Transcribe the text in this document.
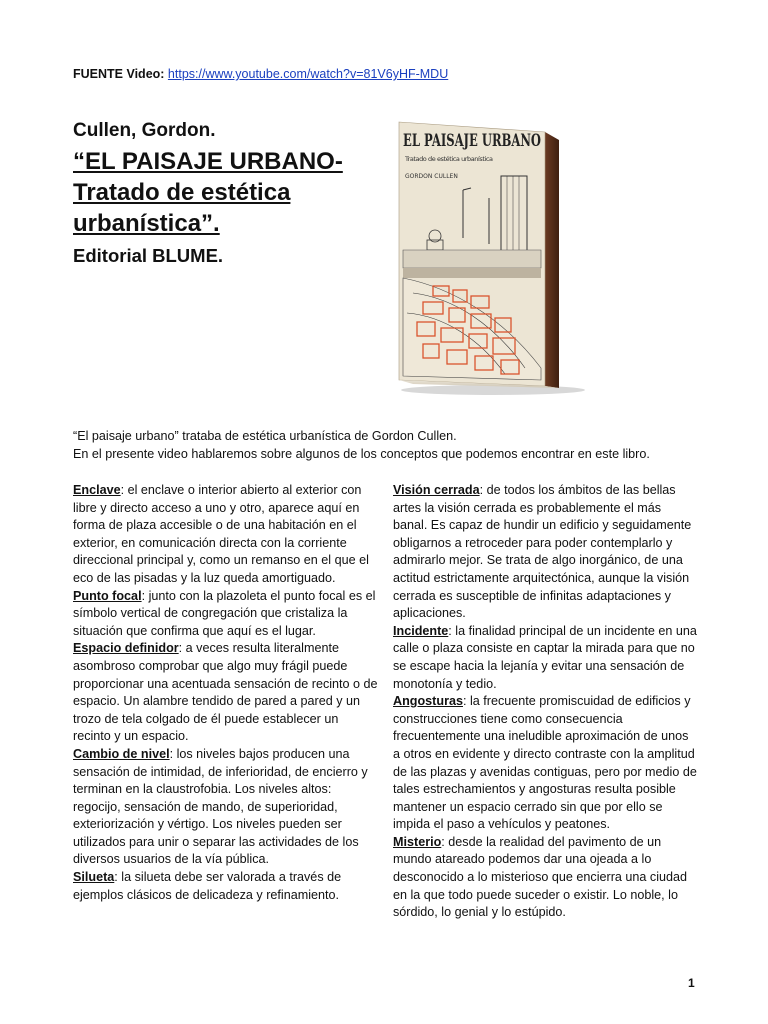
FUENTE Video: https://www.youtube.com/watch?v=81V6yHF-MDU
Cullen, Gordon.
“EL PAISAJE URBANO-
Tratado de estética
urbanística”.
Editorial BLUME.
EL PAISAJE URBANO
Tratado de estética urbanística
GORDON CULLEN

“El paisaje urbano” trataba de estética urbanística de Gordon Cullen.

En el presente video hablaremos sobre algunos de los conceptos que podemos encontrar en este libro.

Enclave: el enclave o interior abierto al exterior con libre y directo acceso a uno y otro, aparece aquí en forma de plaza accesible o de una habitación en el exterior, en comunicación directa con la corriente direccional principal y, como un remanso en el que el eco de las pisadas y la luz queda amortiguado.

Punto focal: junto con la plazoleta el punto focal es el símbolo vertical de congregación que cristaliza la situación que confirma que aquí es el lugar.

Espacio definidor: a veces resulta literalmente asombroso comprobar que algo muy frágil puede proporcionar una acentuada sensación de recinto o de espacio. Un alambre tendido de pared a pared y un trozo de tela colgado de él puede establecer un recinto y un espacio.

Cambio de nivel: los niveles bajos producen una sensación de intimidad, de inferioridad, de encierro y terminan en la claustrofobia. Los niveles altos: regocijo, sensación de mando, de superioridad, exteriorización y vértigo. Los niveles pueden ser utilizados para unir o separar las actividades de los diversos usuarios de la vía pública.

Silueta: la silueta debe ser valorada a través de ejemplos clásicos de delicadeza y refinamiento.

Visión cerrada: de todos los ámbitos de las bellas artes la visión cerrada es probablemente el más banal. Es capaz de hundir un edificio y seguidamente obligarnos a retroceder para poder contemplarlo y admirarlo mejor. Se trata de algo inorgánico, de una actitud estrictamente arquitectónica, aunque la visión cerrada es susceptible de infinitas adaptaciones y aplicaciones.

Incidente: la finalidad principal de un incidente en una calle o plaza consiste en captar la mirada para que no se escape hacia la lejanía y evitar una sensación de monotonía y tedio.

Angosturas: la frecuente promiscuidad de edificios y construcciones tiene como consecuencia frecuentemente una ineludible aproximación de unos a otros en evidente y directo contraste con la amplitud de las plazas y avenidas contiguas, pero por medio de tales estrechamientos y angosturas resulta posible mantener un espacio cerrado sin que por ello se impida el paso a vehículos y peatones.

Misterio: desde la realidad del pavimento de un mundo atareado podemos dar una ojeada a lo desconocido a lo misterioso que encierra una ciudad en la que todo puede suceder o existir. Lo noble, lo sórdido, lo genial y lo estúpido.

1
